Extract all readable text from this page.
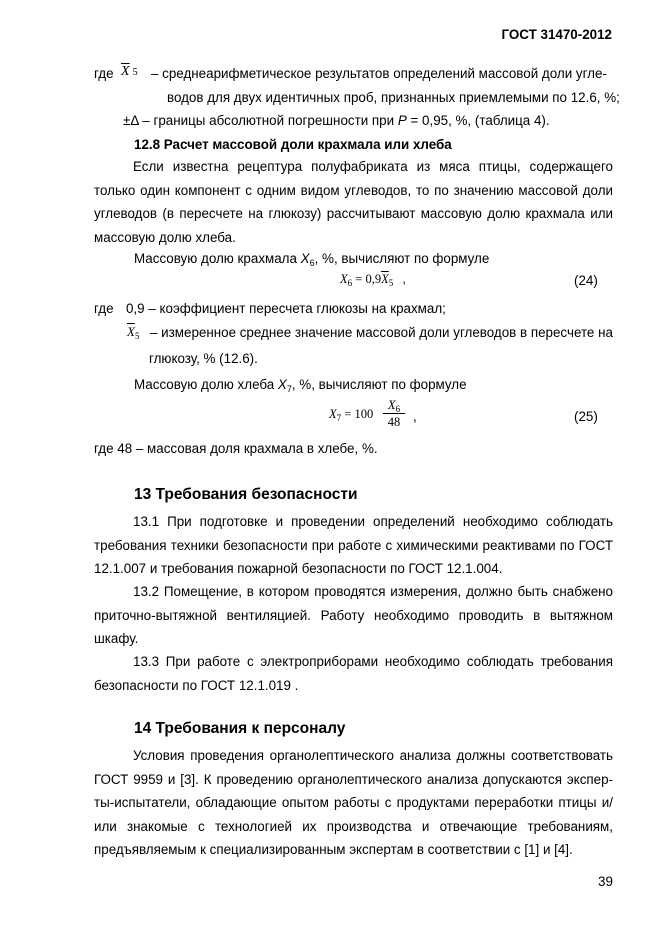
ГОСТ 31470-2012
где $\overline{X}$ 5 – среднеарифметическое результатов определений массовой доли угле-
водов для двух идентичных проб, признанных приемлемыми по 12.6, %;
±Δ – границы абсолютной погрешности при P = 0,95, %, (таблица 4).
12.8 Расчет массовой доли крахмала или хлеба
Если известна рецептура полуфабриката из мяса птицы, содержащего только один компонент с одним видом углеводов, то по значению массовой доли углеводов (в пересчете на глюкозу) рассчитывают массовую долю крахмала или массовую долю хлеба.
Массовую долю крахмала $X_6$, %, вычисляют по формуле
$X_6 = 0,9\overline{X}_5$ ,	(24)
где 0,9 – коэффициент пересчета глюкозы на крахмал;
$\overline{X}_5$ – измеренное среднее значение массовой доли углеводов в пересчете на
глюкозу, % (12.6).
Массовую долю хлеба $X_7$, %, вычисляют по формуле
$X_7 = 100 \frac{X_6}{48}$ ,	(25)
где 48 – массовая доля крахмала в хлебе, %.
13 Требования безопасности
13.1 При подготовке и проведении определений необходимо соблюдать требования техники безопасности при работе с химическими реактивами по ГОСТ 12.1.007 и требования пожарной безопасности по ГОСТ 12.1.004.
13.2 Помещение, в котором проводятся измерения, должно быть снабжено приточно-вытяжной вентиляцией. Работу необходимо проводить в вытяжном шкафу.
13.3 При работе с электроприборами необходимо соблюдать требования безопасности по ГОСТ 12.1.019 .
14 Требования к персоналу
Условия проведения органолептического анализа должны соответствовать ГОСТ 9959 и [3]. К проведению органолептического анализа допускаются экспер-ты-испытатели, обладающие опытом работы с продуктами переработки птицы и/или знакомые с технологией их производства и отвечающие требованиям, предъявляемым к специализированным экспертам в соответствии с [1] и [4].
39
